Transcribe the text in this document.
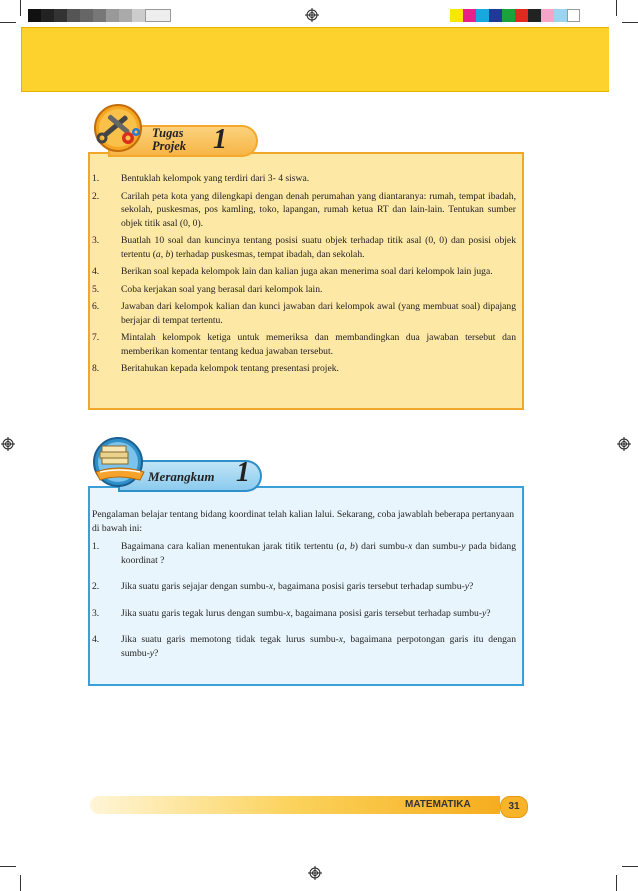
Tugas
Projek 1
1. Bentuklah kelompok yang terdiri dari 3- 4 siswa.
2. Carilah peta kota yang dilengkapi dengan denah perumahan yang diantaranya: rumah, tempat ibadah, sekolah, puskesmas, pos kamling, toko, lapangan, rumah ketua RT dan lain-lain. Tentukan sumber objek titik asal (0, 0).
3. Buatlah 10 soal dan kuncinya tentang posisi suatu objek terhadap titik asal (0, 0) dan posisi objek tertentu (a, b) terhadap puskesmas, tempat ibadah, dan sekolah.
4. Berikan soal kepada kelompok lain dan kalian juga akan menerima soal dari kelompok lain juga.
5. Coba kerjakan soal yang berasal dari kelompok lain.
6. Jawaban dari kelompok kalian dan kunci jawaban dari kelompok awal (yang membuat soal) dipajang berjajar di tempat tertentu.
7. Mintalah kelompok ketiga untuk memeriksa dan membandingkan dua jawaban tersebut dan memberikan komentar tentang kedua jawaban tersebut.
8. Beritahukan kepada kelompok tentang presentasi projek.
Merangkum 1
Pengalaman belajar tentang bidang koordinat telah kalian lalui. Sekarang, coba jawablah beberapa pertanyaan di bawah ini:
1. Bagaimana cara kalian menentukan jarak titik tertentu (a, b) dari sumbu-x dan sumbu-y pada bidang koordinat ?
2. Jika suatu garis sejajar dengan sumbu-x, bagaimana posisi garis tersebut terhadap sumbu-y?
3. Jika suatu garis tegak lurus dengan sumbu-x, bagaimana posisi garis tersebut terhadap sumbu-y?
4. Jika suatu garis memotong tidak tegak lurus sumbu-x, bagaimana perpotongan garis itu dengan sumbu-y?
MATEMATIKA	31
